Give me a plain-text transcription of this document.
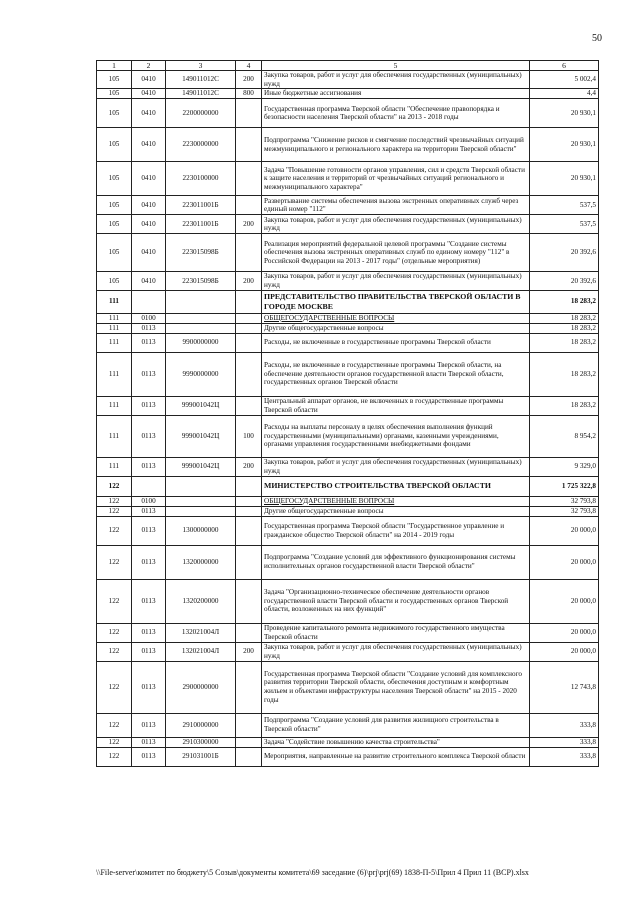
50
1	2	3	4	5	6
105	0410	149011012C	200	Закупка товаров, работ и услуг для обеспечения государственных (муниципальных) нужд	5 002,4
105	0410	149011012C	800	Иные бюджетные ассигнования	4,4
105	0410	2200000000		Государственная программа Тверской области "Обеспечение правопорядка и безопасности населения Тверской области" на 2013 - 2018 годы	20 930,1
105	0410	2230000000		Подпрограмма "Снижение рисков и смягчение последствий чрезвычайных ситуаций межмуниципального и регионального характера на территории Тверской области"	20 930,1
105	0410	2230100000		Задача "Повышение готовности органов управления, сил и средств Тверской области к защите населения и территорий от чрезвычайных ситуаций регионального и межмуниципального характера"	20 930,1
105	0410	223011001Б		Развертывание системы обеспечения вызова экстренных оперативных служб через единый номер "112"	537,5
105	0410	223011001Б	200	Закупка товаров, работ и услуг для обеспечения государственных (муниципальных) нужд	537,5
105	0410	223015098Б		Реализация мероприятий федеральной целевой программы "Создание системы обеспечения вызова экстренных оперативных служб по единому номеру "112" в Российской Федерации на 2013 - 2017 годы" (отдельные мероприятия)	20 392,6
105	0410	223015098Б	200	Закупка товаров, работ и услуг для обеспечения государственных (муниципальных) нужд	20 392,6
111				ПРЕДСТАВИТЕЛЬСТВО ПРАВИТЕЛЬСТВА ТВЕРСКОЙ ОБЛАСТИ В ГОРОДЕ МОСКВЕ	18 283,2
111	0100			ОБЩЕГОСУДАРСТВЕННЫЕ ВОПРОСЫ	18 283,2
111	0113			Другие общегосударственные вопросы	18 283,2
111	0113	9900000000		Расходы, не включенные в государственные программы Тверской области	18 283,2
111	0113	9990000000		Расходы, не включенные в государственные программы Тверской области, на обеспечение деятельности органов государственной власти Тверской области, государственных органов Тверской области	18 283,2
111	0113	999001042Ц		Центральный аппарат органов, не включенных в государственные программы Тверской области	18 283,2
111	0113	999001042Ц	100	Расходы на выплаты персоналу в целях обеспечения выполнения функций государственными (муниципальными) органами, казенными учреждениями, органами управления государственными внебюджетными фондами	8 954,2
111	0113	999001042Ц	200	Закупка товаров, работ и услуг для обеспечения государственных (муниципальных) нужд	9 329,0
122				МИНИСТЕРСТВО СТРОИТЕЛЬСТВА ТВЕРСКОЙ ОБЛАСТИ	1 725 322,8
122	0100			ОБЩЕГОСУДАРСТВЕННЫЕ ВОПРОСЫ	32 793,8
122	0113			Другие общегосударственные вопросы	32 793,8
122	0113	1300000000		Государственная программа Тверской области "Государственное управление и гражданское общество Тверской области" на 2014 - 2019 годы	20 000,0
122	0113	1320000000		Подпрограмма "Создание условий для эффективного функционирования системы исполнительных органов государственной власти Тверской области"	20 000,0
122	0113	1320200000		Задача "Организационно-техническое обеспечение деятельности органов государственной власти Тверской области и государственных органов Тверской области, возложенных на них функций"	20 000,0
122	0113	132021004Л		Проведение капитального ремонта недвижимого государственного имущества Тверской области	20 000,0
122	0113	132021004Л	200	Закупка товаров, работ и услуг для обеспечения государственных (муниципальных) нужд	20 000,0
122	0113	2900000000		Государственная программа Тверской области "Создание условий для комплексного развития территории Тверской области, обеспечения доступным и комфортным жильем и объектами инфраструктуры населения Тверской области" на 2015 - 2020 годы	12 743,8
122	0113	2910000000		Подпрограмма "Создание условий для развития жилищного строительства в Тверской области"	333,8
122	0113	2910300000		Задача "Содействие повышению качества строительства"	333,8
122	0113	291031001Б		Мероприятия, направленные на развитие строительного комплекса Тверской области	333,8
\\File-server\комитет по бюджету\5 Созыв\документы комитета\69 заседание (6)\prj\prj(69) 1838-П-5\Прил 4 Прил 11 (ВСР).xlsx
